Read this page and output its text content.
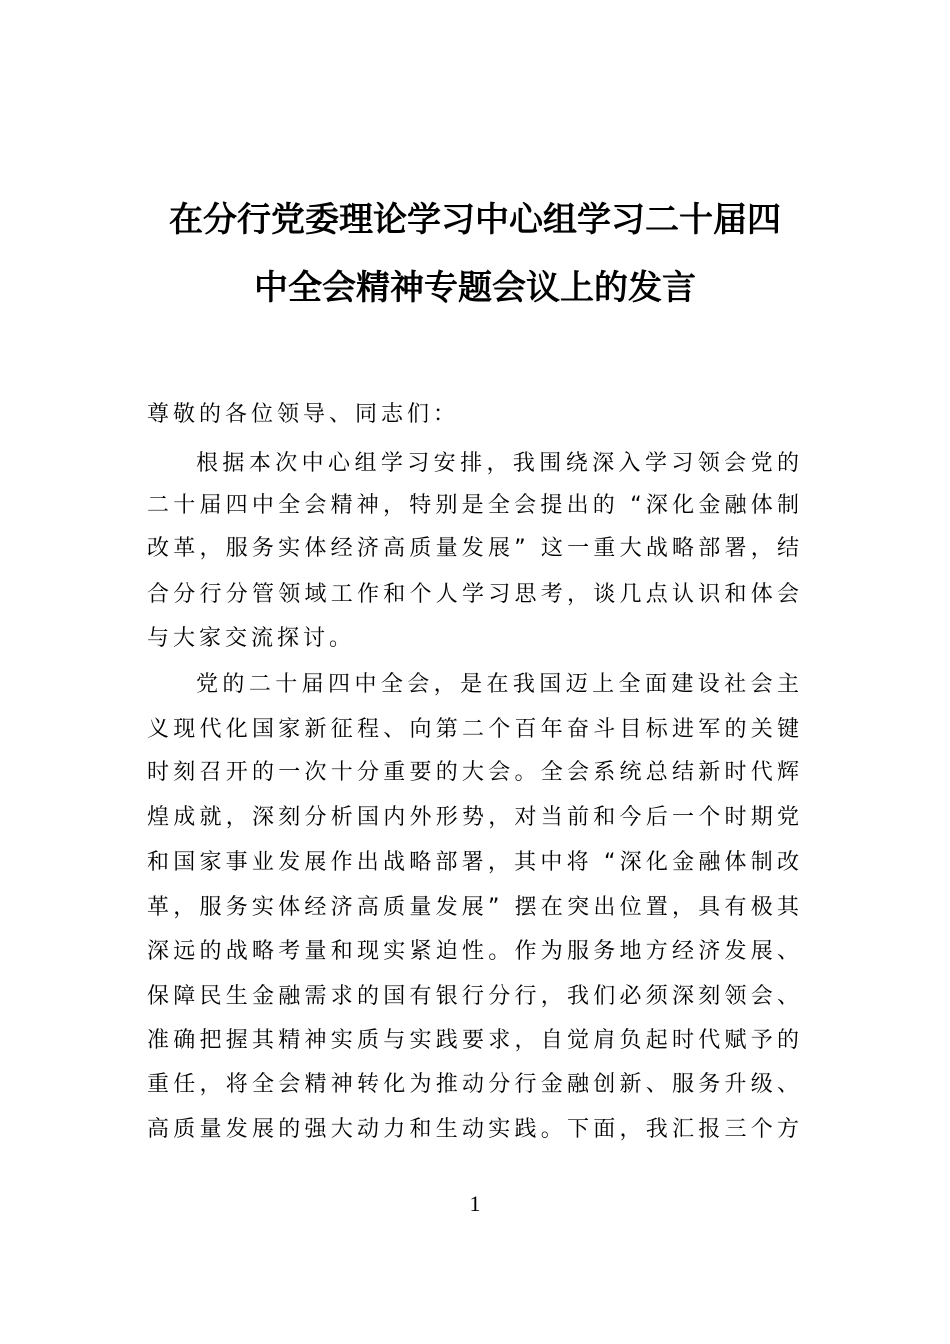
在分行党委理论学习中心组学习二十届四
中全会精神专题会议上的发言
尊敬的各位领导、同志们：
根据本次中心组学习安排，我围绕深入学习领会党的
二十届四中全会精神，特别是全会提出的 “深化金融体制
改革，服务实体经济高质量发展” 这一重大战略部署，结
合分行分管领域工作和个人学习思考，谈几点认识和体会
与大家交流探讨。
党的二十届四中全会，是在我国迈上全面建设社会主
义现代化国家新征程、向第二个百年奋斗目标进军的关键
时刻召开的一次十分重要的大会。全会系统总结新时代辉
煌成就，深刻分析国内外形势，对当前和今后一个时期党
和国家事业发展作出战略部署，其中将 “深化金融体制改
革，服务实体经济高质量发展” 摆在突出位置，具有极其
深远的战略考量和现实紧迫性。作为服务地方经济发展、
保障民生金融需求的国有银行分行，我们必须深刻领会、
准确把握其精神实质与实践要求，自觉肩负起时代赋予的
重任，将全会精神转化为推动分行金融创新、服务升级、
高质量发展的强大动力和生动实践。下面，我汇报三个方
1
